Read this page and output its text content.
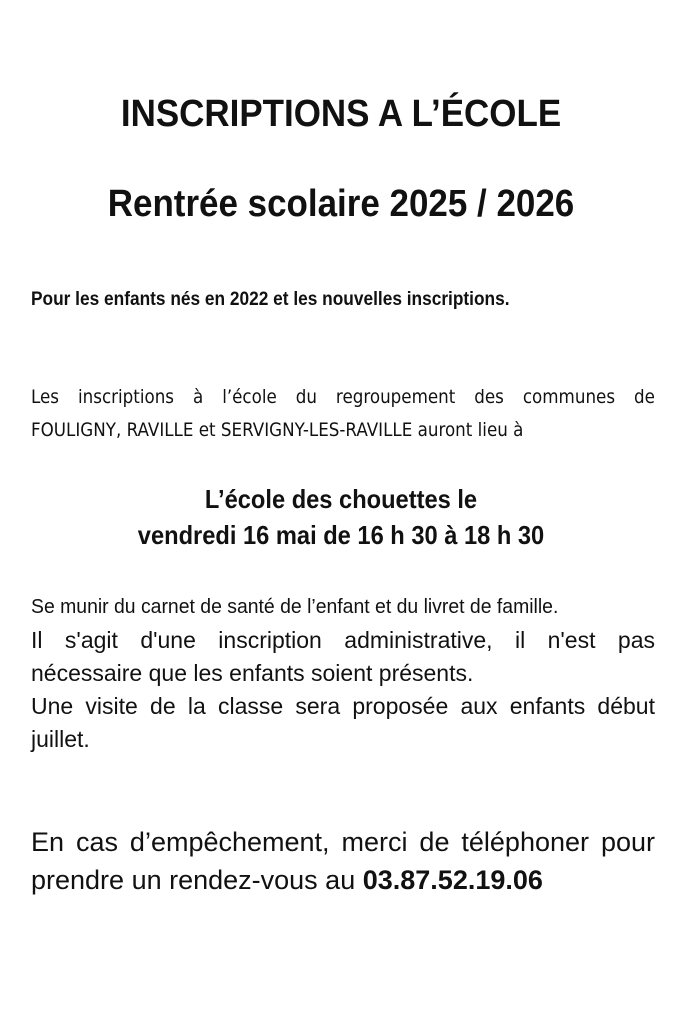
INSCRIPTIONS A L’ÉCOLE
Rentrée scolaire 2025 / 2026
Pour les enfants nés en 2022 et les nouvelles inscriptions.
Les inscriptions à l’école du regroupement des communes de
FOULIGNY, RAVILLE et SERVIGNY-LES-RAVILLE auront lieu à
L’école des chouettes le
vendredi 16 mai de 16 h 30 à 18 h 30
Se munir du carnet de santé de l’enfant et du livret de famille.
Il s'agit d'une inscription administrative, il n'est pas
nécessaire que les enfants soient présents.
Une visite de la classe sera proposée aux enfants début
juillet.
En cas d’empêchement, merci de téléphoner pour
prendre un rendez-vous au 03.87.52.19.06
